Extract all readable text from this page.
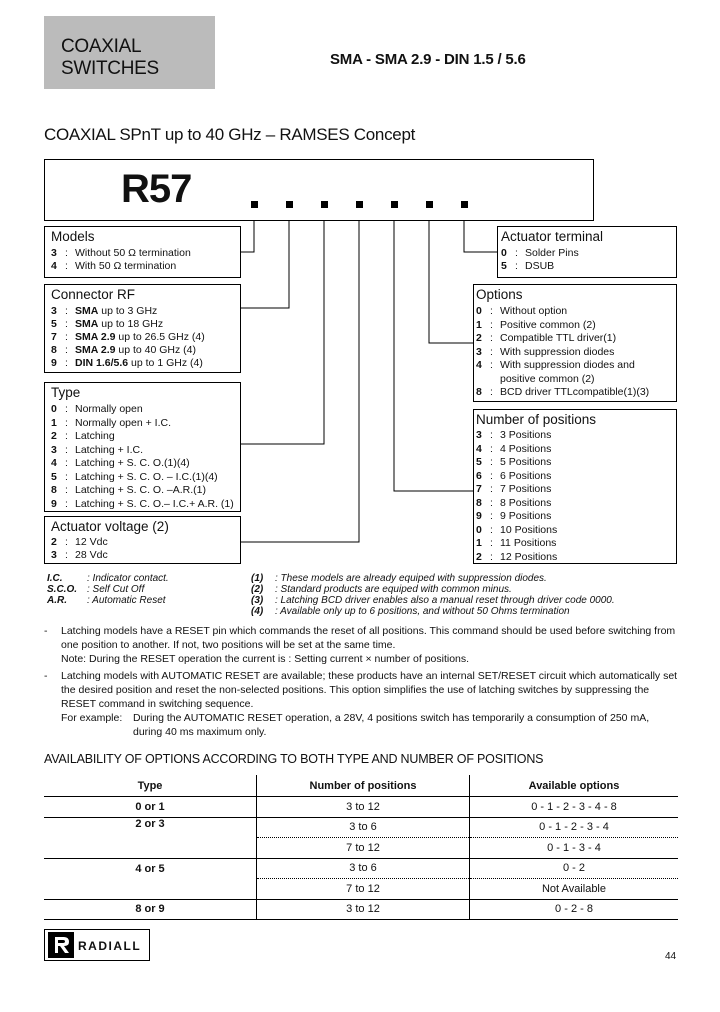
COAXIAL
SWITCHES	SMA - SMA 2.9 - DIN 1.5 / 5.6
COAXIAL SPnT up to 40 GHz – RAMSES Concept
R57
Models
3 : Without 50 Ω termination
4 : With 50 Ω termination
Connector RF
3 : SMA up to 3 GHz
5 : SMA up to 18 GHz
7 : SMA 2.9 up to 26.5 GHz (4)
8 : SMA 2.9 up to 40 GHz (4)
9 : DIN 1.6/5.6 up to 1 GHz (4)
Type
0 : Normally open
1 : Normally open + I.C.
2 : Latching
3 : Latching + I.C.
4 : Latching + S. C. O.(1)(4)
5 : Latching + S. C. O. – I.C.(1)(4)
8 : Latching + S. C. O. –A.R.(1)
9 : Latching + S. C. O.– I.C.+ A.R. (1)
Actuator voltage (2)
2 : 12 Vdc
3 : 28 Vdc
Actuator terminal
0 : Solder Pins
5 : DSUB
Options
0 : Without option
1 : Positive common (2)
2 : Compatible TTL driver(1)
3 : With suppression diodes
4 : With suppression diodes and
positive common (2)
8 : BCD driver TTLcompatible(1)(3)
Number of positions
3 : 3 Positions
4 : 4 Positions
5 : 5 Positions
6 : 6 Positions
7 : 7 Positions
8 : 8 Positions
9 : 9 Positions
0 : 10 Positions
1 : 11 Positions
2 : 12 Positions
I.C. : Indicator contact.
S.C.O. : Self Cut Off
A.R. : Automatic Reset
(1) : These models are already equiped with suppression diodes.
(2) : Standard products are equiped with common minus.
(3) : Latching BCD driver enables also a manual reset through driver code 0000.
(4) : Available only up to 6 positions, and without 50 Ohms termination
- Latching models have a RESET pin which commands the reset of all positions. This command should be used before switching from
one position to another. If not, two positions will be set at the same time.
Note: During the RESET operation the current is : Setting current × number of positions.
- Latching models with AUTOMATIC RESET are available; these products have an internal SET/RESET circuit which automatically set
the desired position and reset the non-selected positions. This option simplifies the use of latching switches by suppressing the
RESET command in switching sequence.
For example: During the AUTOMATIC RESET operation, a 28V, 4 positions switch has temporarily a consumption of 250 mA,
during 40 ms maximum only.
AVAILABILITY OF OPTIONS ACCORDING TO BOTH TYPE AND NUMBER OF POSITIONS
Type	Number of positions	Available options
0 or 1	3 to 12	0 - 1 - 2 - 3 - 4 - 8
2 or 3	3 to 6	0 - 1 - 2 - 3 - 4
	7 to 12	0 - 1 - 3 - 4
4 or 5	3 to 6	0 - 2
	7 to 12	Not Available
8 or 9	3 to 12	0 - 2 - 8
RADIALL
44
